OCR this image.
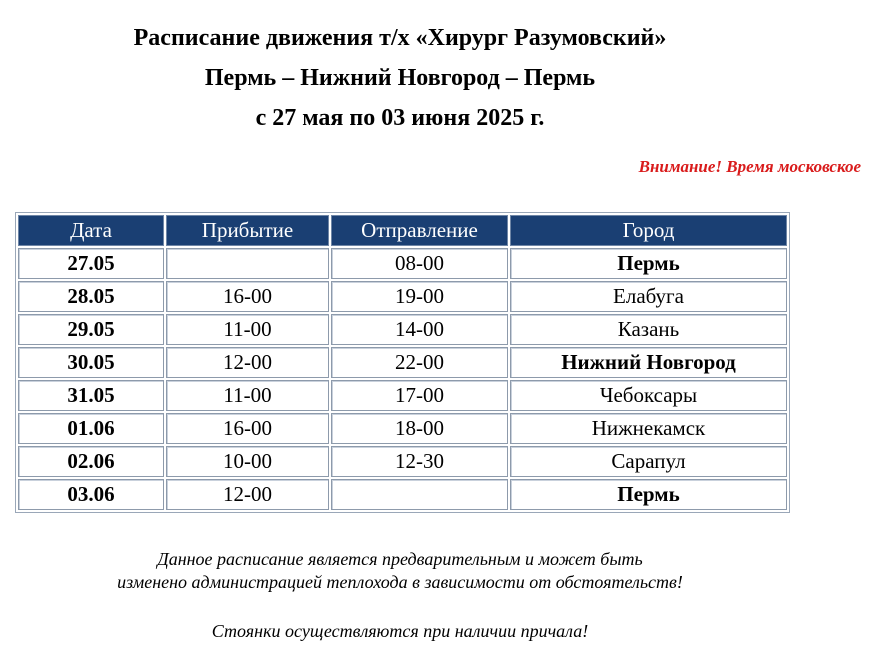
Расписание движения т/х «Хирург Разумовский»
Пермь – Нижний Новгород – Пермь
с 27 мая по 03 июня 2025 г.
Внимание! Время московское
Дата	Прибытие	Отправление	Город
27.05		08-00	Пермь
28.05	16-00	19-00	Елабуга
29.05	11-00	14-00	Казань
30.05	12-00	22-00	Нижний Новгород
31.05	11-00	17-00	Чебоксары
01.06	16-00	18-00	Нижнекамск
02.06	10-00	12-30	Сарапул
03.06	12-00		Пермь

Данное расписание является предварительным и может быть

изменено администрацией теплохода в зависимости от обстоятельств!

Стоянки осуществляются при наличии причала!
